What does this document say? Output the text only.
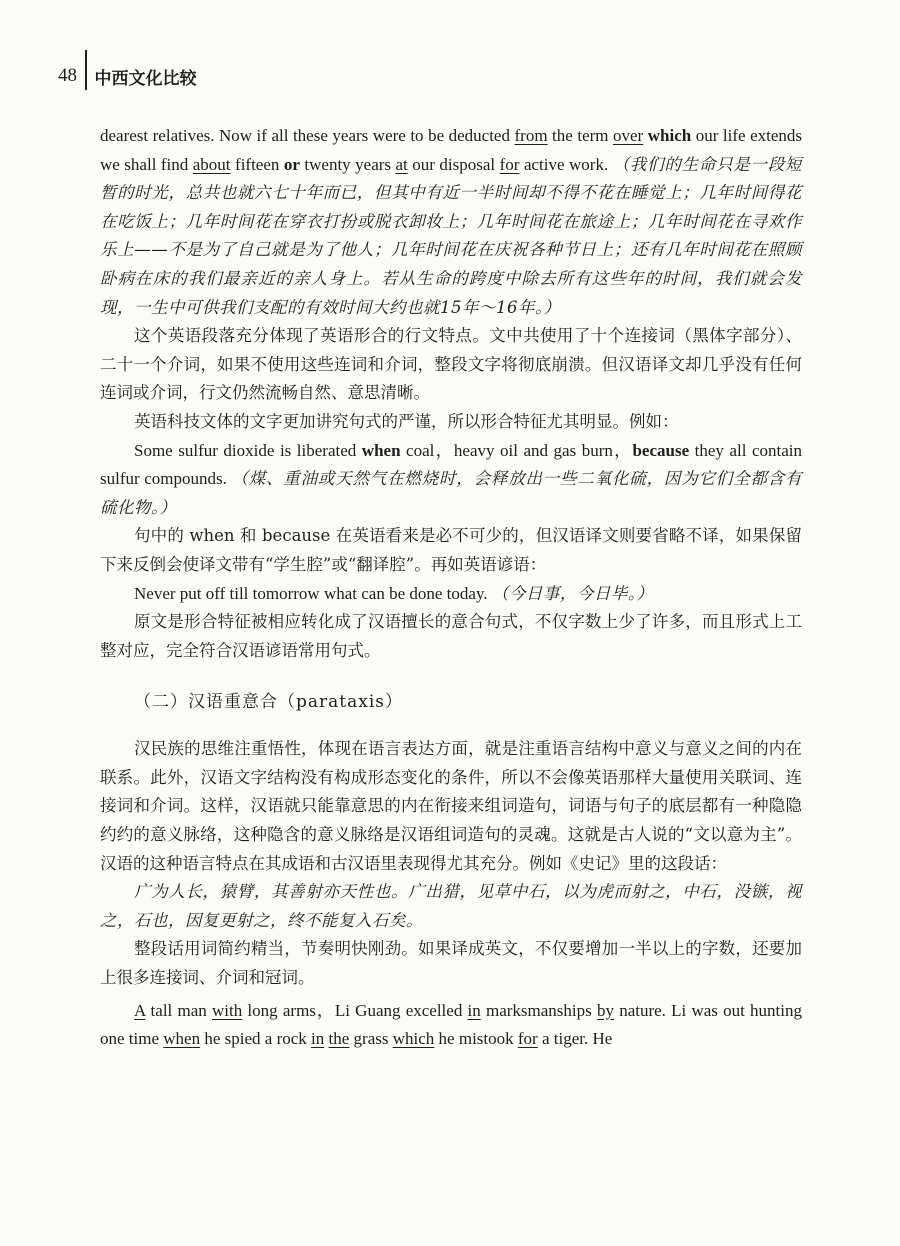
48 中西文化比较

dearest relatives. Now if all these years were to be deducted from the term over which our life extends we shall find about fifteen or twenty years at our disposal for active work. （我们的生命只是一段短暂的时光，总共也就六七十年而已，但其中有近一半时间却不得不花在睡觉上；几年时间得花在吃饭上；几年时间花在穿衣打扮或脱衣卸妆上；几年时间花在旅途上；几年时间花在寻欢作乐上——不是为了自己就是为了他人；几年时间花在庆祝各种节日上；还有几年时间花在照顾卧病在床的我们最亲近的亲人身上。若从生命的跨度中除去所有这些年的时间，我们就会发现，一生中可供我们支配的有效时间大约也就15年～16年。）

这个英语段落充分体现了英语形合的行文特点。文中共使用了十个连接词（黑体字部分）、二十一个介词，如果不使用这些连词和介词，整段文字将彻底崩溃。但汉语译文却几乎没有任何连词或介词，行文仍然流畅自然、意思清晰。

英语科技文体的文字更加讲究句式的严谨，所以形合特征尤其明显。例如：

Some sulfur dioxide is liberated when coal，heavy oil and gas burn，because they all contain sulfur compounds. （煤、重油或天然气在燃烧时，会释放出一些二氧化硫，因为它们全都含有硫化物。）

句中的 when 和 because 在英语看来是必不可少的，但汉语译文则要省略不译，如果保留下来反倒会使译文带有“学生腔”或“翻译腔”。再如英语谚语：

Never put off till tomorrow what can be done today. （今日事，今日毕。）

原文是形合特征被相应转化成了汉语擅长的意合句式，不仅字数上少了许多，而且形式上工整对应，完全符合汉语谚语常用句式。

（二）汉语重意合（parataxis）

汉民族的思维注重悟性，体现在语言表达方面，就是注重语言结构中意义与意义之间的内在联系。此外，汉语文字结构没有构成形态变化的条件，所以不会像英语那样大量使用关联词、连接词和介词。这样，汉语就只能靠意思的内在衔接来组词造句，词语与句子的底层都有一种隐隐约约的意义脉络，这种隐含的意义脉络是汉语组词造句的灵魂。这就是古人说的“文以意为主”。汉语的这种语言特点在其成语和古汉语里表现得尤其充分。例如《史记》里的这段话：

广为人长，猿臂，其善射亦天性也。广出猎，见草中石，以为虎而射之，中石，没镞，视之，石也，因复更射之，终不能复入石矣。

整段话用词简约精当，节奏明快刚劲。如果译成英文，不仅要增加一半以上的字数，还要加上很多连接词、介词和冠词。

A tall man with long arms，Li Guang excelled in marksmanships by nature. Li was out hunting one time when he spied a rock in the grass which he mistook for a tiger. He
